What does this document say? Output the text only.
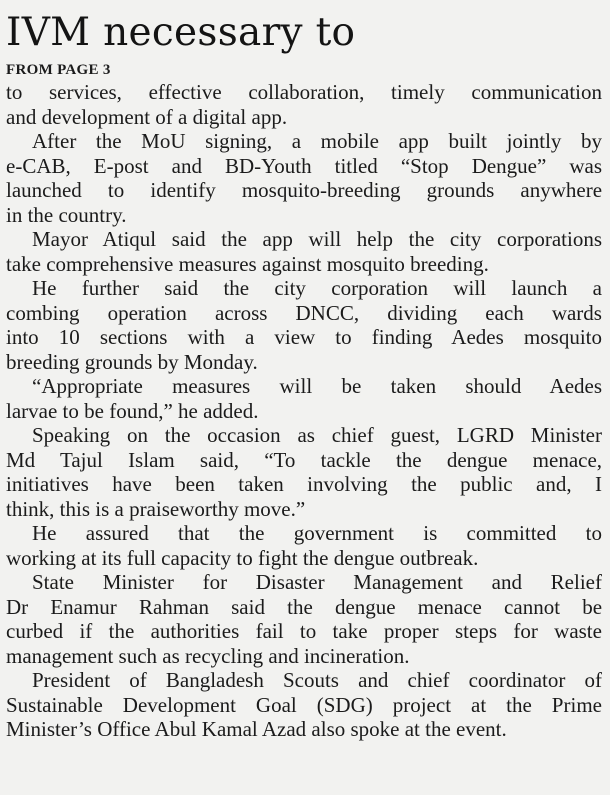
IVM necessary to
FROM PAGE 3
to services, effective collaboration, timely communication
and development of a digital app.
After the MoU signing, a mobile app built jointly by
e-CAB, E-post and BD-Youth titled “Stop Dengue” was
launched to identify mosquito-breeding grounds anywhere
in the country.
Mayor Atiqul said the app will help the city corporations
take comprehensive measures against mosquito breeding.
He further said the city corporation will launch a
combing operation across DNCC, dividing each wards
into 10 sections with a view to finding Aedes mosquito
breeding grounds by Monday.
“Appropriate measures will be taken should Aedes
larvae to be found,” he added.
Speaking on the occasion as chief guest, LGRD Minister
Md Tajul Islam said, “To tackle the dengue menace,
initiatives have been taken involving the public and, I
think, this is a praiseworthy move.”
He assured that the government is committed to
working at its full capacity to fight the dengue outbreak.
State Minister for Disaster Management and Relief
Dr Enamur Rahman said the dengue menace cannot be
curbed if the authorities fail to take proper steps for waste
management such as recycling and incineration.
President of Bangladesh Scouts and chief coordinator of
Sustainable Development Goal (SDG) project at the Prime
Minister’s Office Abul Kamal Azad also spoke at the event.
